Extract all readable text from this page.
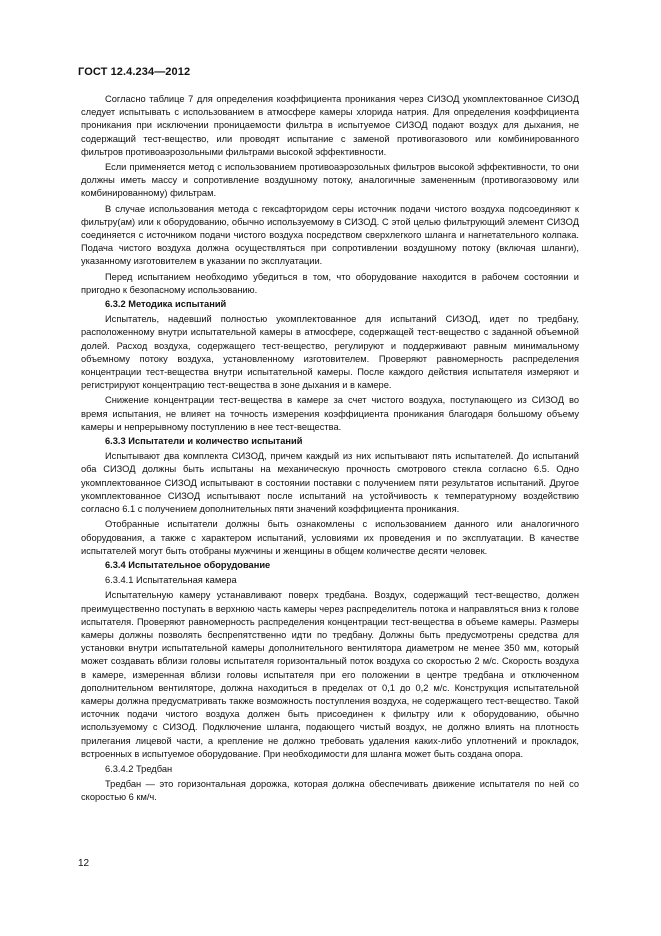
ГОСТ 12.4.234—2012

Согласно таблице 7 для определения коэффициента проникания через СИЗОД укомплектованное СИЗОД следует испытывать с использованием в атмосфере камеры хлорида натрия. Для определения коэффициента проникания при исключении проницаемости фильтра в испытуемое СИЗОД подают воздух для дыхания, не содержащий тест-вещество, или проводят испытание с заменой противогазового или комбинированного фильтров противоаэрозольными фильтрами высокой эффективности.

Если применяется метод с использованием противоаэрозольных фильтров высокой эффективности, то они должны иметь массу и сопротивление воздушному потоку, аналогичные замененным (противогазовому или комбинированному) фильтрам.

В случае использования метода с гексафторидом серы источник подачи чистого воздуха подсоединяют к фильтру(ам) или к оборудованию, обычно используемому в СИЗОД. С этой целью фильтрующий элемент СИЗОД соединяется с источником подачи чистого воздуха посредством сверхлегкого шланга и нагнетательного колпака. Подача чистого воздуха должна осуществляться при сопротивлении воздушному потоку (включая шланги), указанному изготовителем в указании по эксплуатации.

Перед испытанием необходимо убедиться в том, что оборудование находится в рабочем состоянии и пригодно к безопасному использованию.

6.3.2 Методика испытаний

Испытатель, надевший полностью укомплектованное для испытаний СИЗОД, идет по тредбану, расположенному внутри испытательной камеры в атмосфере, содержащей тест-вещество с заданной объемной долей. Расход воздуха, содержащего тест-вещество, регулируют и поддерживают равным минимальному объемному потоку воздуха, установленному изготовителем. Проверяют равномерность распределения концентрации тест-вещества внутри испытательной камеры. После каждого действия испытателя измеряют и регистрируют концентрацию тест-вещества в зоне дыхания и в камере.

Снижение концентрации тест-вещества в камере за счет чистого воздуха, поступающего из СИЗОД во время испытания, не влияет на точность измерения коэффициента проникания благодаря большому объему камеры и непрерывному поступлению в нее тест-вещества.

6.3.3 Испытатели и количество испытаний

Испытывают два комплекта СИЗОД, причем каждый из них испытывают пять испытателей. До испытаний оба СИЗОД должны быть испытаны на механическую прочность смотрового стекла согласно 6.5. Одно укомплектованное СИЗОД испытывают в состоянии поставки с получением пяти результатов испытаний. Другое укомплектованное СИЗОД испытывают после испытаний на устойчивость к температурному воздействию согласно 6.1 с получением дополнительных пяти значений коэффициента проникания.

Отобранные испытатели должны быть ознакомлены с использованием данного или аналогичного оборудования, а также с характером испытаний, условиями их проведения и по эксплуатации. В качестве испытателей могут быть отобраны мужчины и женщины в общем количестве десяти человек.

6.3.4 Испытательное оборудование

6.3.4.1 Испытательная камера

Испытательную камеру устанавливают поверх тредбана. Воздух, содержащий тест-вещество, должен преимущественно поступать в верхнюю часть камеры через распределитель потока и направляться вниз к голове испытателя. Проверяют равномерность распределения концентрации тест-вещества в объеме камеры. Размеры камеры должны позволять беспрепятственно идти по тредбану. Должны быть предусмотрены средства для установки внутри испытательной камеры дополнительного вентилятора диаметром не менее 350 мм, который может создавать вблизи головы испытателя горизонтальный поток воздуха со скоростью 2 м/с. Скорость воздуха в камере, измеренная вблизи головы испытателя при его положении в центре тредбана и отключенном дополнительном вентиляторе, должна находиться в пределах от 0,1 до 0,2 м/с. Конструкция испытательной камеры должна предусматривать также возможность поступления воздуха, не содержащего тест-вещество. Такой источник подачи чистого воздуха должен быть присоединен к фильтру или к оборудованию, обычно используемому с СИЗОД. Подключение шланга, подающего чистый воздух, не должно влиять на плотность прилегания лицевой части, а крепление не должно требовать удаления каких-либо уплотнений и прокладок, встроенных в испытуемое оборудование. При необходимости для шланга может быть создана опора.

6.3.4.2 Тредбан

Тредбан — это горизонтальная дорожка, которая должна обеспечивать движение испытателя по ней со скоростью 6 км/ч.

12
